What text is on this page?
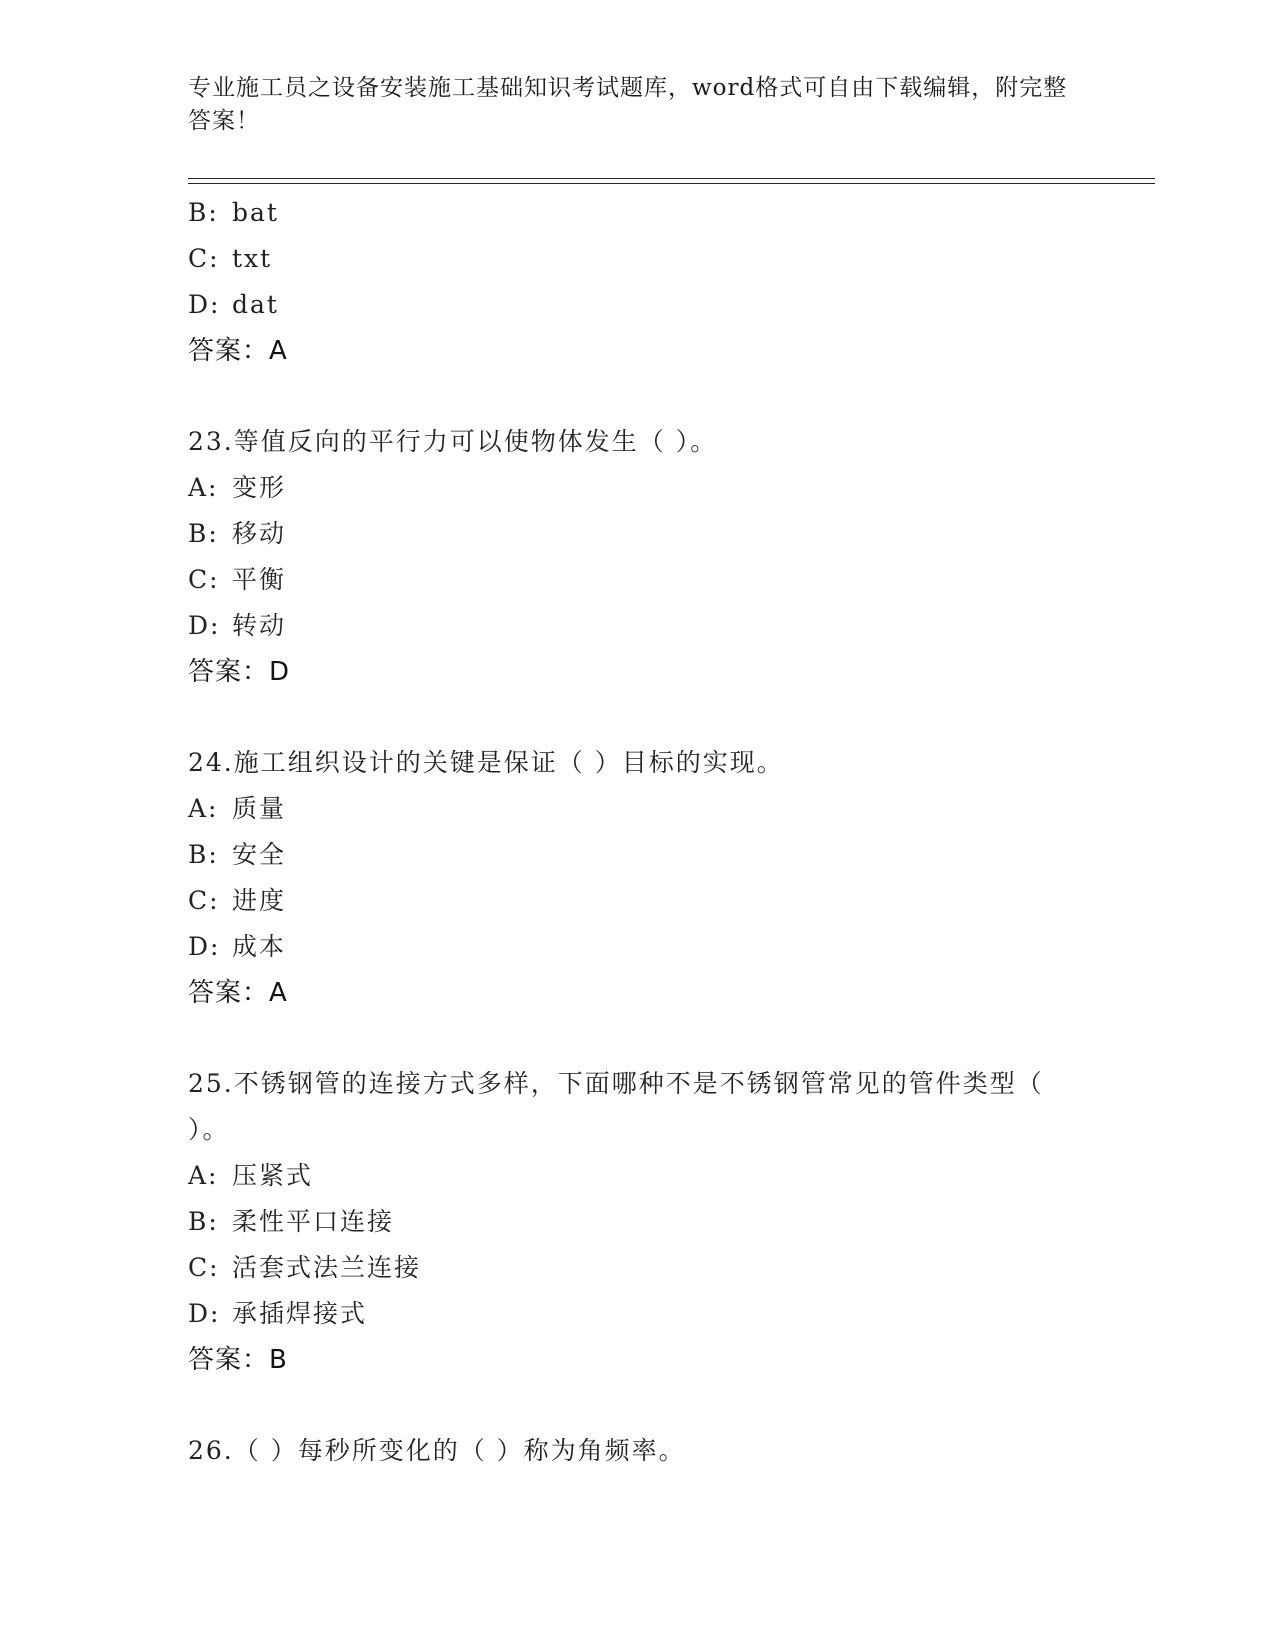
专业施工员之设备安装施工基础知识考试题库，word格式可自由下载编辑，附完整答案！
B: bat
C: txt
D: dat
答案：A
23.等值反向的平行力可以使物体发生（ ）。
A: 变形
B: 移动
C: 平衡
D: 转动
答案：D
24.施工组织设计的关键是保证（ ）目标的实现。
A: 质量
B: 安全
C: 进度
D: 成本
答案：A
25.不锈钢管的连接方式多样，下面哪种不是不锈钢管常见的管件类型（ ）。
A: 压紧式
B: 柔性平口连接
C: 活套式法兰连接
D: 承插焊接式
答案：B
26.（ ）每秒所变化的（ ）称为角频率。
